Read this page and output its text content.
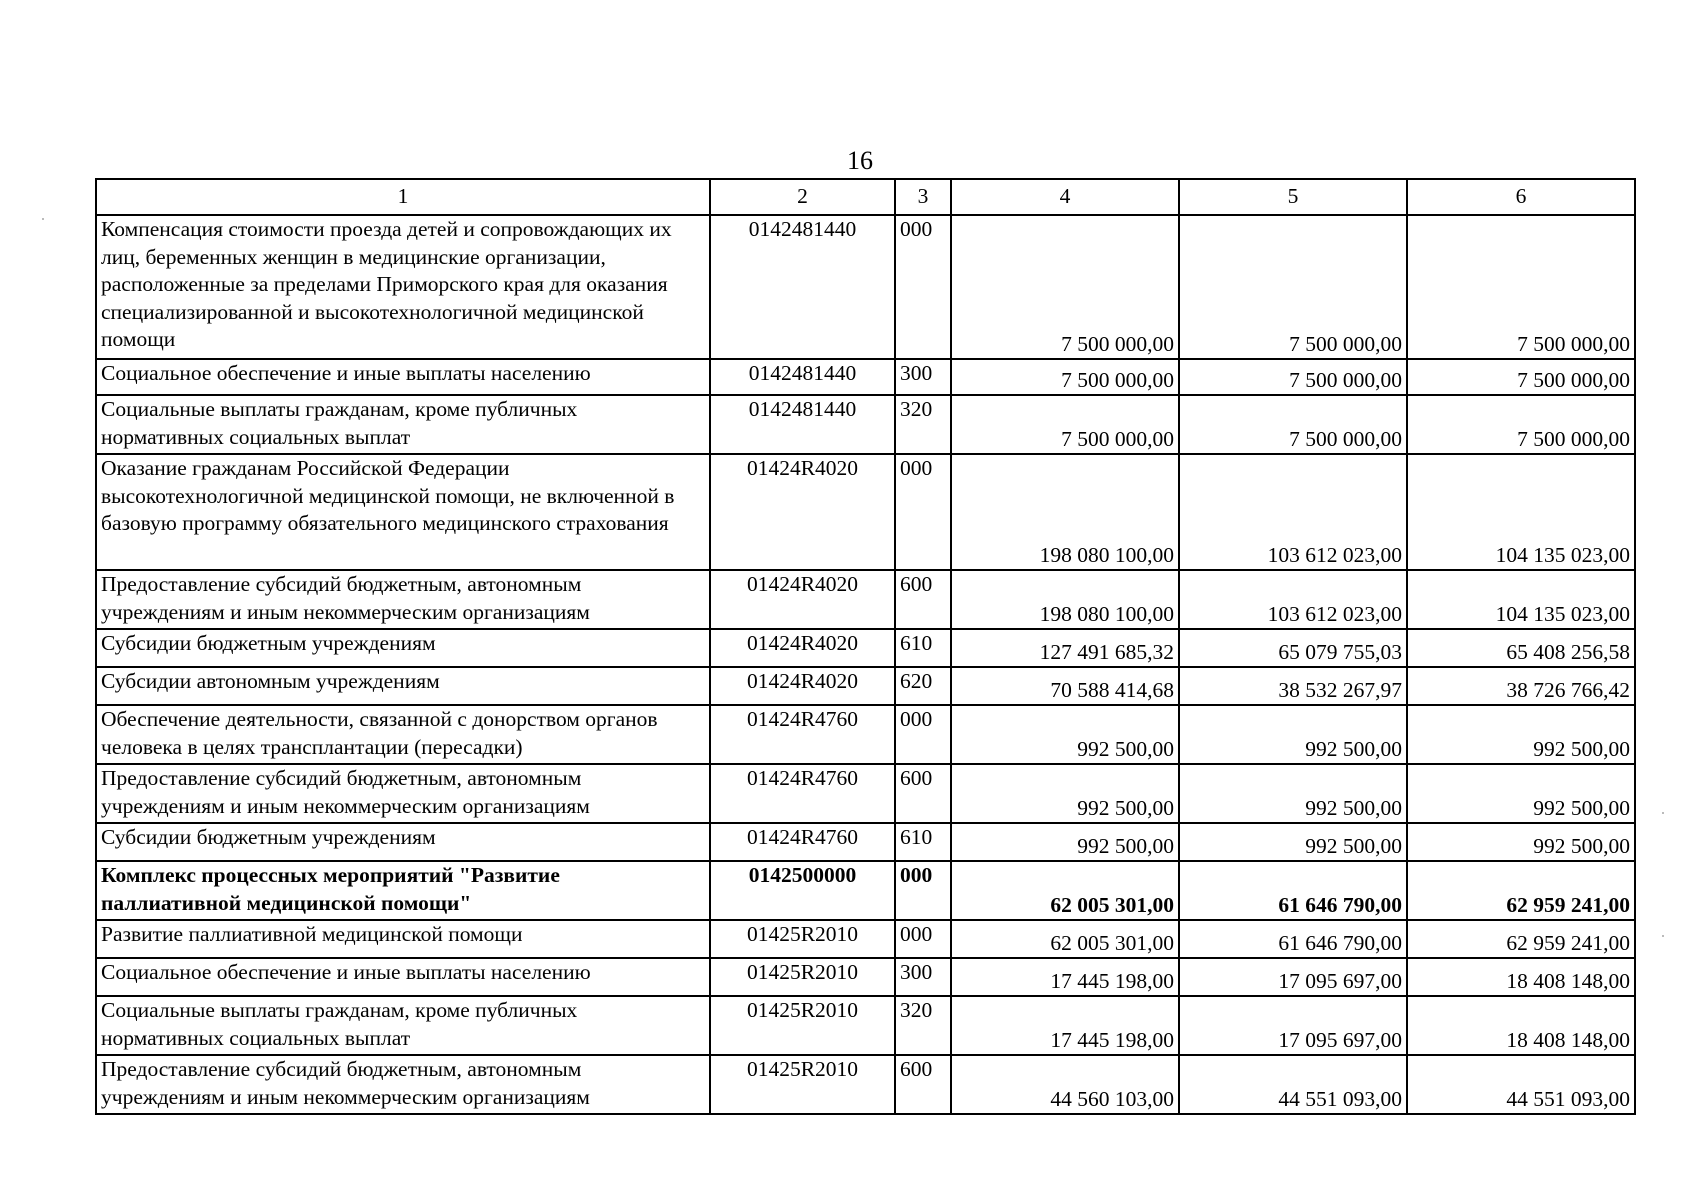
16
1	2	3	4	5	6
Компенсация стоимости проезда детей и сопровождающих их лиц, беременных женщин в медицинские организации, расположенные за пределами Приморского края для оказания специализированной и высокотехнологичной медицинской помощи	0142481440	000	7 500 000,00	7 500 000,00	7 500 000,00
Социальное обеспечение и иные выплаты населению	0142481440	300	7 500 000,00	7 500 000,00	7 500 000,00
Социальные выплаты гражданам, кроме публичных нормативных социальных выплат	0142481440	320	7 500 000,00	7 500 000,00	7 500 000,00
Оказание гражданам Российской Федерации высокотехнологичной медицинской помощи, не включенной в базовую программу обязательного медицинского страхования	01424R4020	000	198 080 100,00	103 612 023,00	104 135 023,00
Предоставление субсидий бюджетным, автономным учреждениям и иным некоммерческим организациям	01424R4020	600	198 080 100,00	103 612 023,00	104 135 023,00
Субсидии бюджетным учреждениям	01424R4020	610	127 491 685,32	65 079 755,03	65 408 256,58
Субсидии автономным учреждениям	01424R4020	620	70 588 414,68	38 532 267,97	38 726 766,42
Обеспечение деятельности, связанной с донорством органов человека в целях трансплантации (пересадки)	01424R4760	000	992 500,00	992 500,00	992 500,00
Предоставление субсидий бюджетным, автономным учреждениям и иным некоммерческим организациям	01424R4760	600	992 500,00	992 500,00	992 500,00
Субсидии бюджетным учреждениям	01424R4760	610	992 500,00	992 500,00	992 500,00
Комплекс процессных мероприятий "Развитие паллиативной медицинской помощи"	0142500000	000	62 005 301,00	61 646 790,00	62 959 241,00
Развитие паллиативной медицинской помощи	01425R2010	000	62 005 301,00	61 646 790,00	62 959 241,00
Социальное обеспечение и иные выплаты населению	01425R2010	300	17 445 198,00	17 095 697,00	18 408 148,00
Социальные выплаты гражданам, кроме публичных нормативных социальных выплат	01425R2010	320	17 445 198,00	17 095 697,00	18 408 148,00
Предоставление субсидий бюджетным, автономным учреждениям и иным некоммерческим организациям	01425R2010	600	44 560 103,00	44 551 093,00	44 551 093,00
